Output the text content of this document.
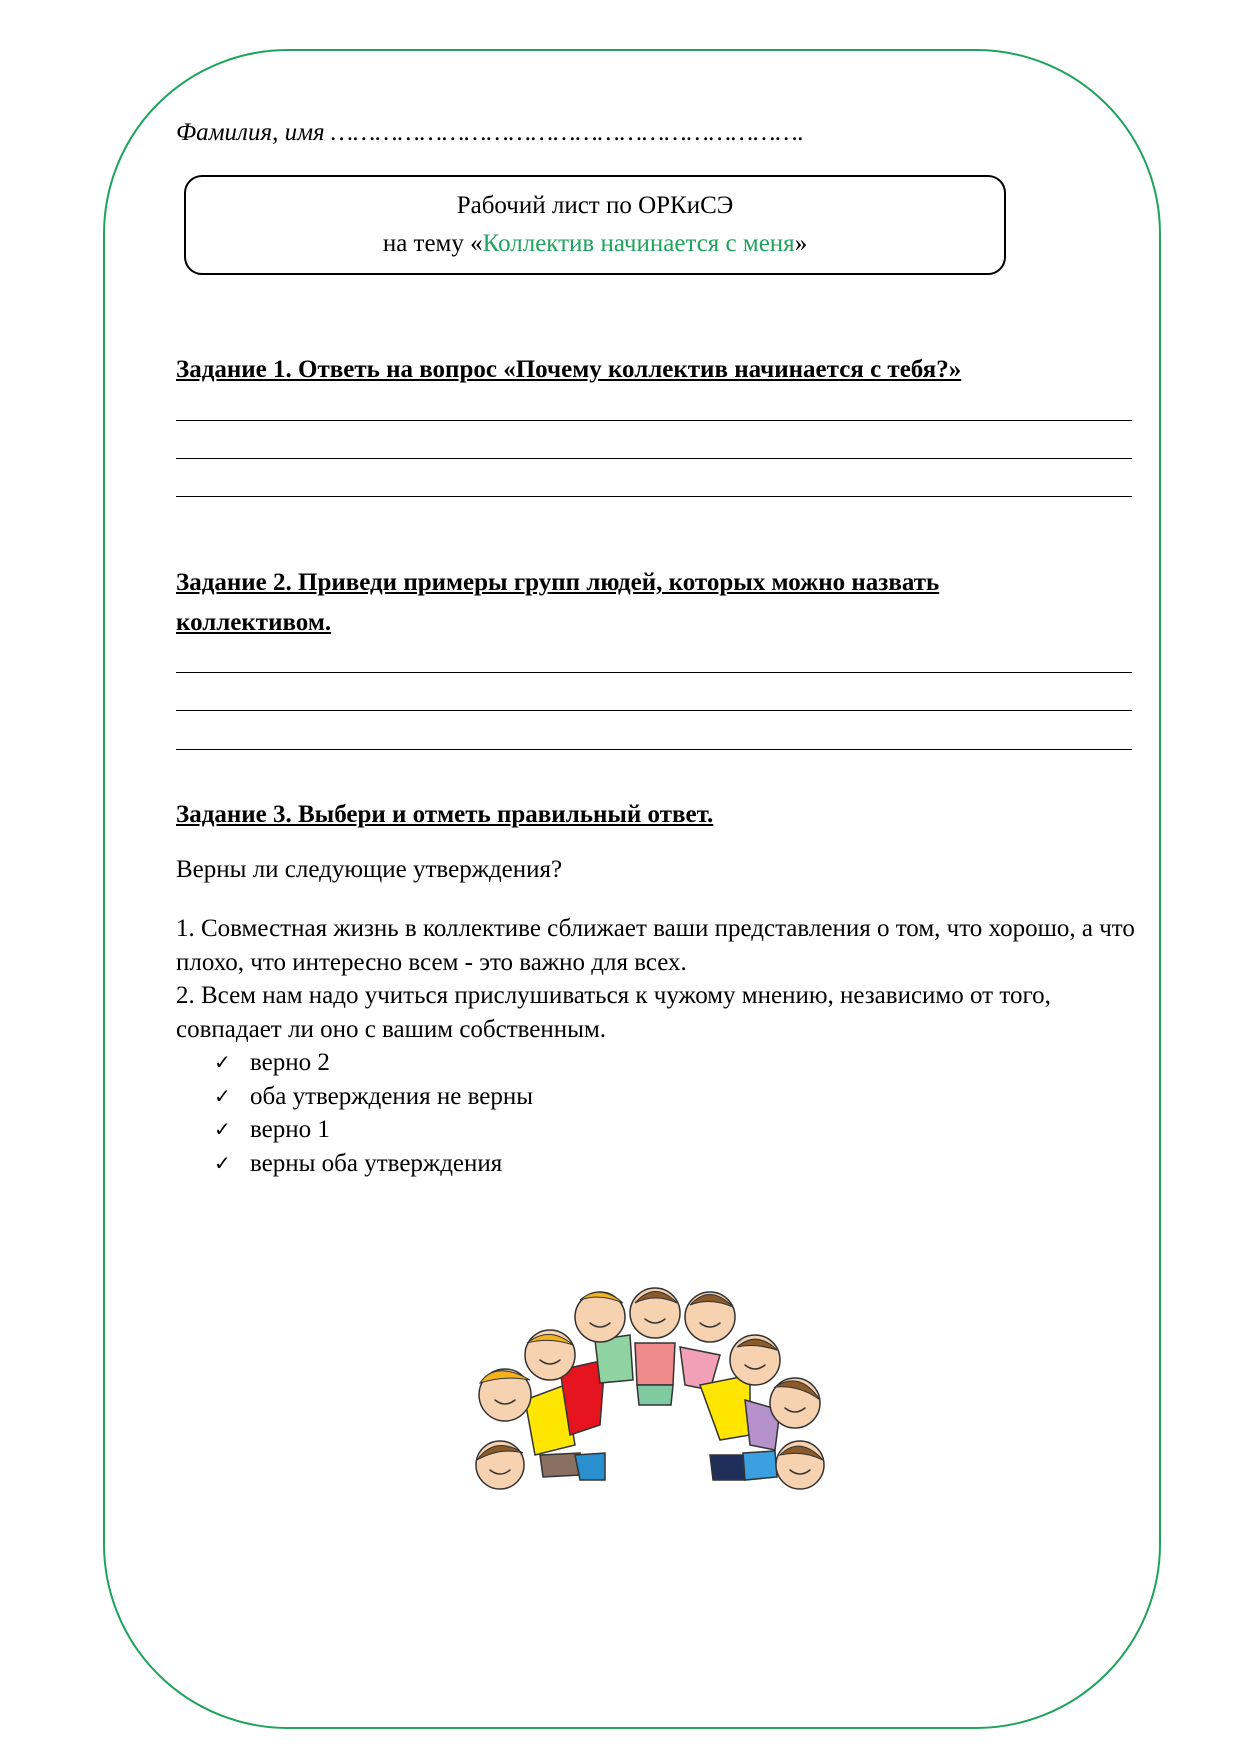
Фамилия, имя ……………………………………………………….
Рабочий лист по ОРКиСЭ
на тему «Коллектив начинается с меня»
Задание 1. Ответь на вопрос «Почему коллектив начинается с тебя?»
Задание 2. Приведи примеры групп людей, которых можно назвать
коллективом.
Задание 3. Выбери и отметь правильный ответ.
Верны ли следующие утверждения?
1. Совместная жизнь в коллективе сближает ваши представления о том, что хорошо, а что плохо, что интересно всем - это важно для всех.
2. Всем нам надо учиться прислушиваться к чужому мнению, независимо от того, совпадает ли оно с вашим собственным.
✓ верно 2
✓ оба утверждения не верны
✓ верно 1
✓ верны оба утверждения
